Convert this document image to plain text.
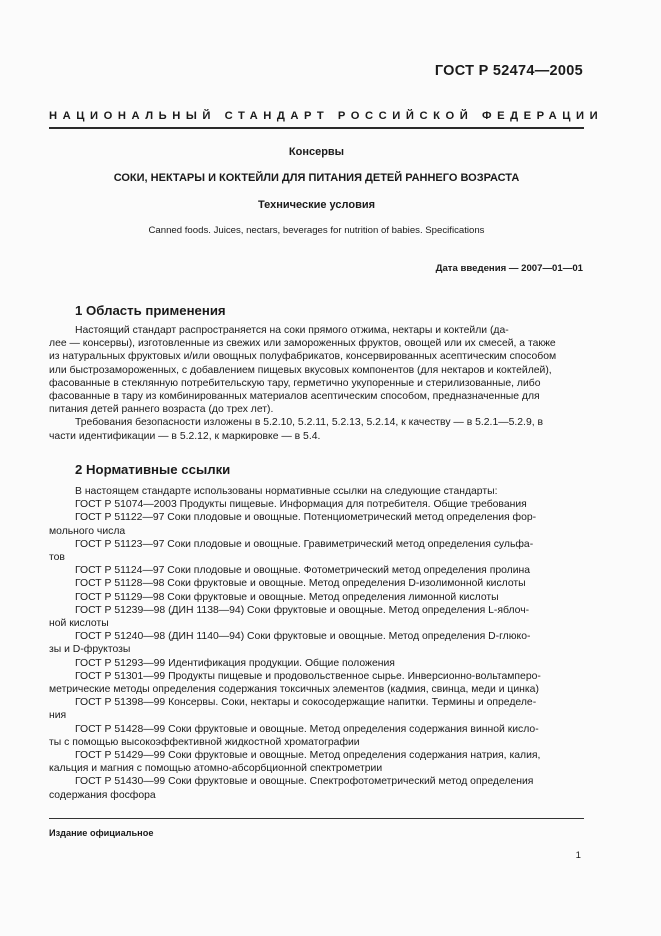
ГОСТ Р 52474—2005
НАЦИОНАЛЬНЫЙ СТАНДАРТ РОССИЙСКОЙ ФЕДЕРАЦИИ
Консервы
СОКИ, НЕКТАРЫ И КОКТЕЙЛИ ДЛЯ ПИТАНИЯ ДЕТЕЙ РАННЕГО ВОЗРАСТА
Технические условия
Canned foods. Juices, nectars, beverages for nutrition of babies. Specifications
Дата введения — 2007—01—01
1 Область применения
Настоящий стандарт распространяется на соки прямого отжима, нектары и коктейли (да-
лее — консервы), изготовленные из свежих или замороженных фруктов, овощей или их смесей, а также
из натуральных фруктовых и/или овощных полуфабрикатов, консервированных асептическим способом
или быстрозамороженных, с добавлением пищевых вкусовых компонентов (для нектаров и коктейлей),
фасованные в стеклянную потребительскую тару, герметично укупоренные и стерилизованные, либо
фасованные в тару из комбинированных материалов асептическим способом, предназначенные для
питания детей раннего возраста (до трех лет).
Требования безопасности изложены в 5.2.10, 5.2.11, 5.2.13, 5.2.14, к качеству — в 5.2.1—5.2.9, в
части идентификации — в 5.2.12, к маркировке — в 5.4.
2 Нормативные ссылки
В настоящем стандарте использованы нормативные ссылки на следующие стандарты:
ГОСТ Р 51074—2003 Продукты пищевые. Информация для потребителя. Общие требования
ГОСТ Р 51122—97 Соки плодовые и овощные. Потенциометрический метод определения фор-
мольного числа
ГОСТ Р 51123—97 Соки плодовые и овощные. Гравиметрический метод определения сульфа-
тов
ГОСТ Р 51124—97 Соки плодовые и овощные. Фотометрический метод определения пролина
ГОСТ Р 51128—98 Соки фруктовые и овощные. Метод определения D-изолимонной кислоты
ГОСТ Р 51129—98 Соки фруктовые и овощные. Метод определения лимонной кислоты
ГОСТ Р 51239—98 (ДИН 1138—94) Соки фруктовые и овощные. Метод определения L-яблоч-
ной кислоты
ГОСТ Р 51240—98 (ДИН 1140—94) Соки фруктовые и овощные. Метод определения D-глюко-
зы и D-фруктозы
ГОСТ Р 51293—99 Идентификация продукции. Общие положения
ГОСТ Р 51301—99 Продукты пищевые и продовольственное сырье. Инверсионно-вольтамперо-
метрические методы определения содержания токсичных элементов (кадмия, свинца, меди и цинка)
ГОСТ Р 51398—99 Консервы. Соки, нектары и сокосодержащие напитки. Термины и определе-
ния
ГОСТ Р 51428—99 Соки фруктовые и овощные. Метод определения содержания винной кисло-
ты с помощью высокоэффективной жидкостной хроматографии
ГОСТ Р 51429—99 Соки фруктовые и овощные. Метод определения содержания натрия, калия,
кальция и магния с помощью атомно-абсорбционной спектрометрии
ГОСТ Р 51430—99 Соки фруктовые и овощные. Спектрофотометрический метод определения
содержания фосфора
Издание официальное
1
